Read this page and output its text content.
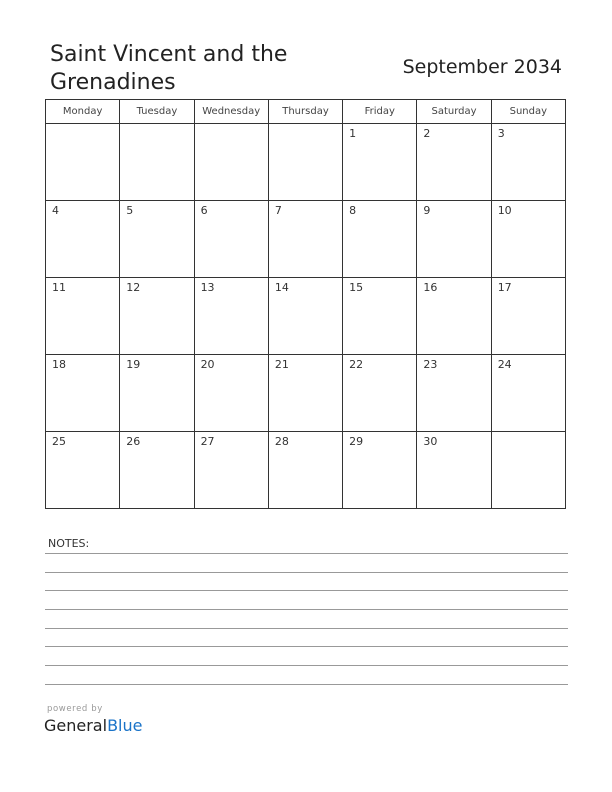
Saint Vincent and the Grenadines
September 2034
Monday	Tuesday	Wednesday	Thursday	Friday	Saturday	Sunday

				1	2	3

4	5	6	7	8	9	10

11	12	13	14	15	16	17

18	19	20	21	22	23	24

25	26	27	28	29	30	

NOTES:
powered by
GeneralBlue
